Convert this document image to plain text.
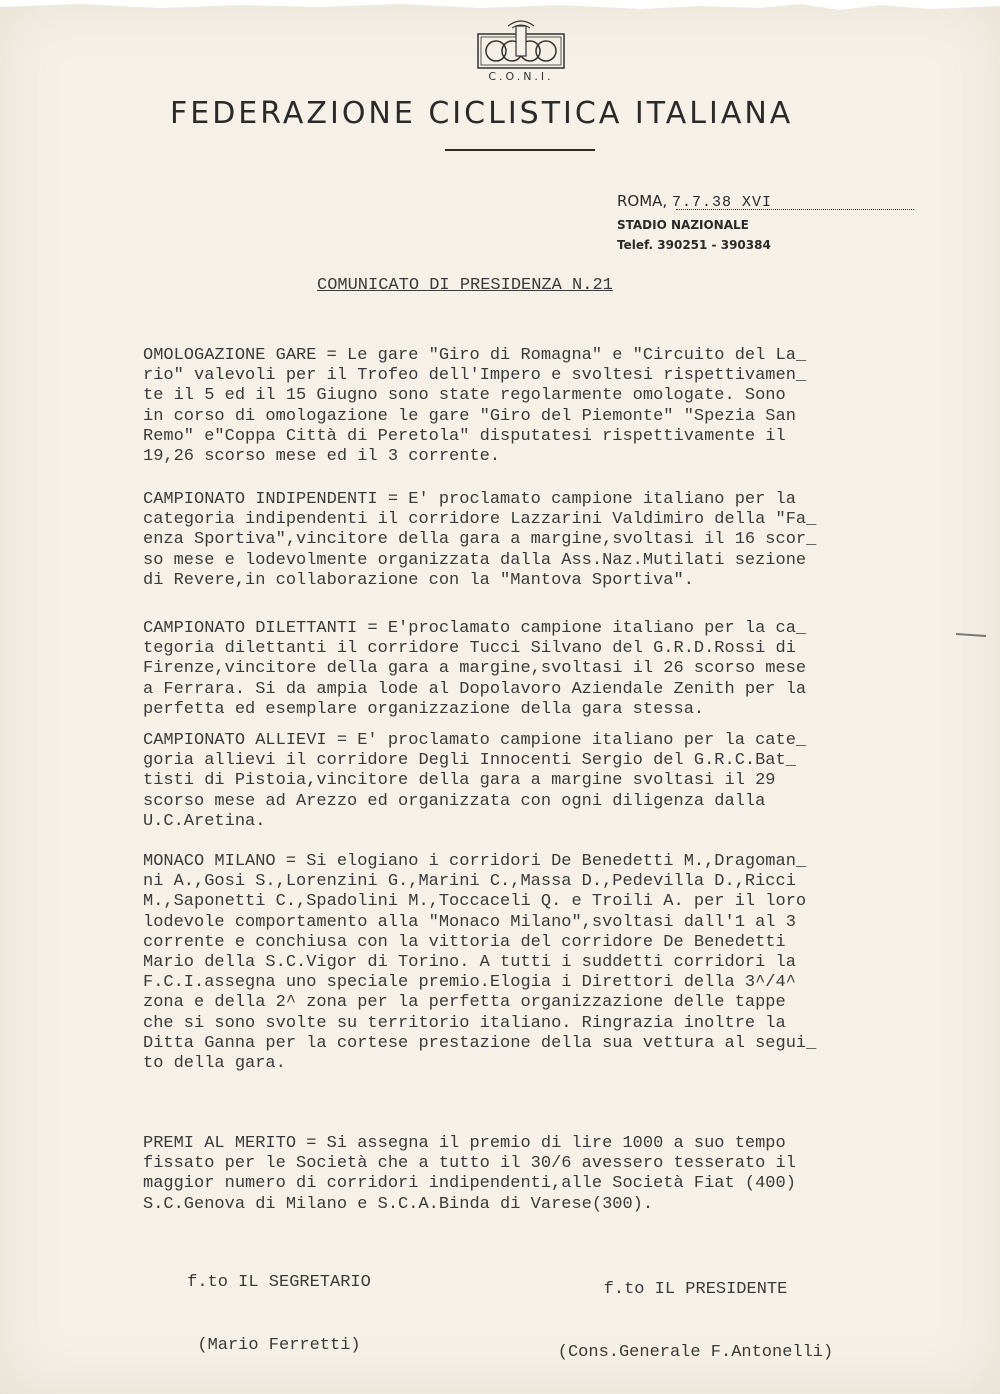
C.O.N.I.
FEDERAZIONE CICLISTICA ITALIANA
ROMA, 7.7.38 XVI
STADIO NAZIONALE
Telef. 390251 - 390384
COMUNICATO DI PRESIDENZA N.21
OMOLOGAZIONE GARE = Le gare "Giro di Romagna" e "Circuito del La_
rio" valevoli per il Trofeo dell'Impero e svoltesi rispettivamen_
te il 5 ed il 15 Giugno sono state regolarmente omologate. Sono
in corso di omologazione le gare "Giro del Piemonte" "Spezia San
Remo" e"Coppa Città di Peretola" disputatesi rispettivamente il
19,26 scorso mese ed il 3 corrente.
CAMPIONATO INDIPENDENTI = E' proclamato campione italiano per la
categoria indipendenti il corridore Lazzarini Valdimiro della "Fa_
enza Sportiva",vincitore della gara a margine,svoltasi il 16 scor_
so mese e lodevolmente organizzata dalla Ass.Naz.Mutilati sezione
di Revere,in collaborazione con la "Mantova Sportiva".
CAMPIONATO DILETTANTI = E'proclamato campione italiano per la ca_
tegoria dilettanti il corridore Tucci Silvano del G.R.D.Rossi di
Firenze,vincitore della gara a margine,svoltasi il 26 scorso mese
a Ferrara. Si da ampia lode al Dopolavoro Aziendale Zenith per la
perfetta ed esemplare organizzazione della gara stessa.
CAMPIONATO ALLIEVI = E' proclamato campione italiano per la cate_
goria allievi il corridore Degli Innocenti Sergio del G.R.C.Bat_
tisti di Pistoia,vincitore della gara a margine svoltasi il 29
scorso mese ad Arezzo ed organizzata con ogni diligenza dalla
U.C.Aretina.
MONACO MILANO = Si elogiano i corridori De Benedetti M.,Dragoman_
ni A.,Gosi S.,Lorenzini G.,Marini C.,Massa D.,Pedevilla D.,Ricci
M.,Saponetti C.,Spadolini M.,Toccaceli Q. e Troili A. per il loro
lodevole comportamento alla "Monaco Milano",svoltasi dall'1 al 3
corrente e conchiusa con la vittoria del corridore De Benedetti
Mario della S.C.Vigor di Torino. A tutti i suddetti corridori la
F.C.I.assegna uno speciale premio.Elogia i Direttori della 3^/4^
zona e della 2^ zona per la perfetta organizzazione delle tappe
che si sono svolte su territorio italiano. Ringrazia inoltre la
Ditta Ganna per la cortese prestazione della sua vettura al segui_
to della gara.
PREMI AL MERITO = Si assegna il premio di lire 1000 a suo tempo
fissato per le Società che a tutto il 30/6 avessero tesserato il
maggior numero di corridori indipendenti,alle Società Fiat (400)
S.C.Genova di Milano e S.C.A.Binda di Varese(300).

f.to IL SEGRETARIO

(Mario Ferretti)

f.to IL PRESIDENTE

(Cons.Generale F.Antonelli)
